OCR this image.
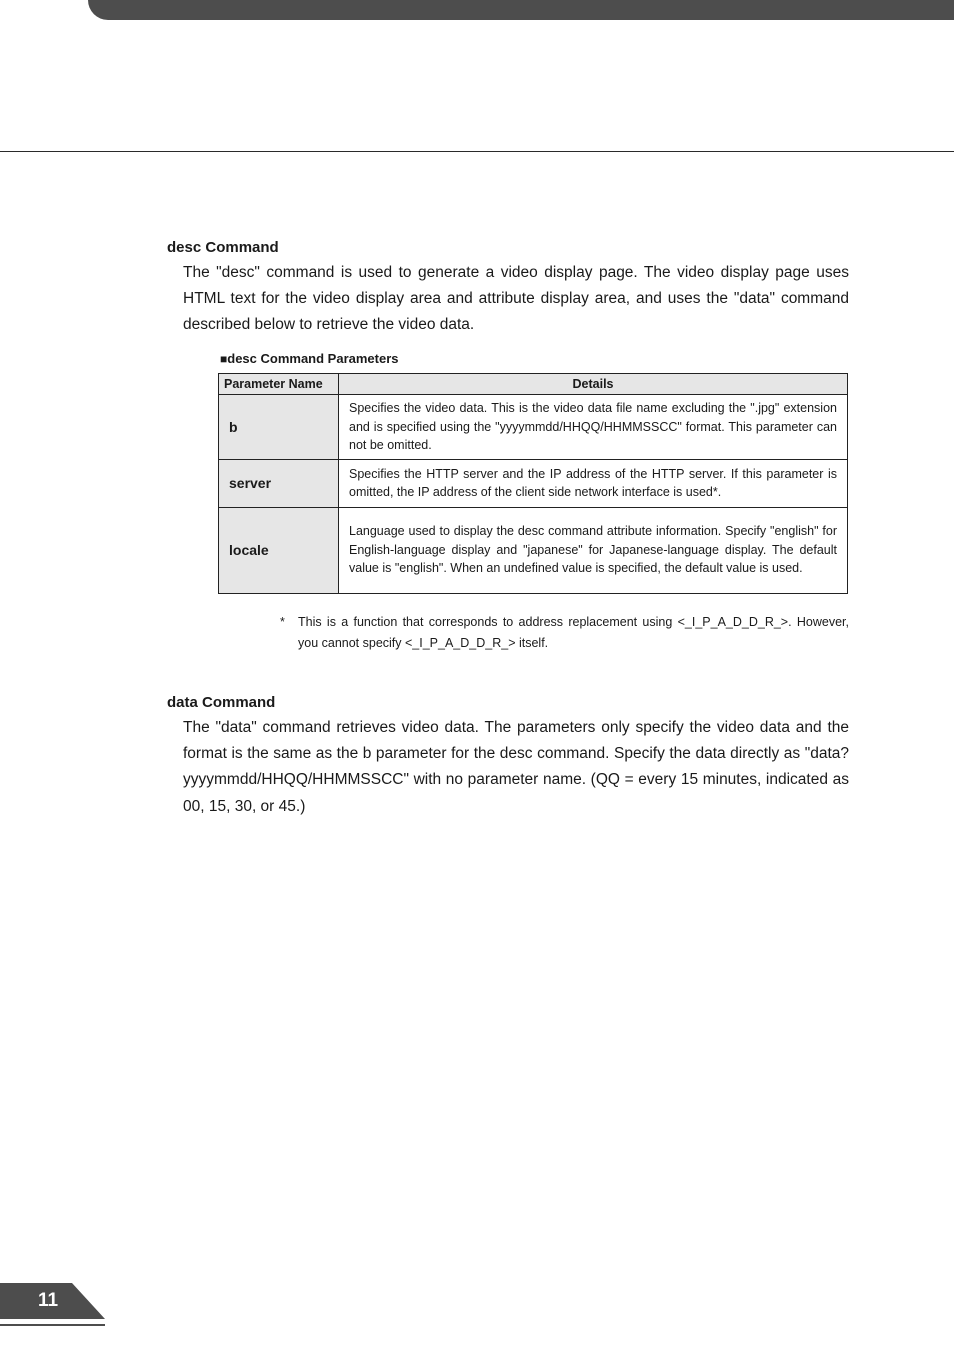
desc Command

The "desc" command is used to generate a video display page. The video display page uses HTML text for the video display area and attribute display area, and uses the "data" command described below to retrieve the video data.

■desc Command Parameters
Parameter Name	Details
b	Specifies the video data. This is the video data file name excluding the ".jpg" extension and is specified using the "yyyymmdd/HHQQ/HHMMSSCC" format. This parameter can not be omitted.
server	Specifies the HTTP server and the IP address of the HTTP server. If this parameter is omitted, the IP address of the client side network interface is used*.
locale	Language used to display the desc command attribute information. Specify "english" for English-language display and "japanese" for Japanese-language display. The default value is "english". When an undefined value is specified, the default value is used.
* This is a function that corresponds to address replacement using <_I_P_A_D_D_R_>. However, you cannot specify <_I_P_A_D_D_R_> itself.
data Command

The "data" command retrieves video data. The parameters only specify the video data and the format is the same as the b parameter for the desc command. Specify the data directly as "data?yyyymmdd/HHQQ/HHMMSSCC" with no parameter name. (QQ = every 15 minutes, indicated as 00, 15, 30, or 45.)

11
